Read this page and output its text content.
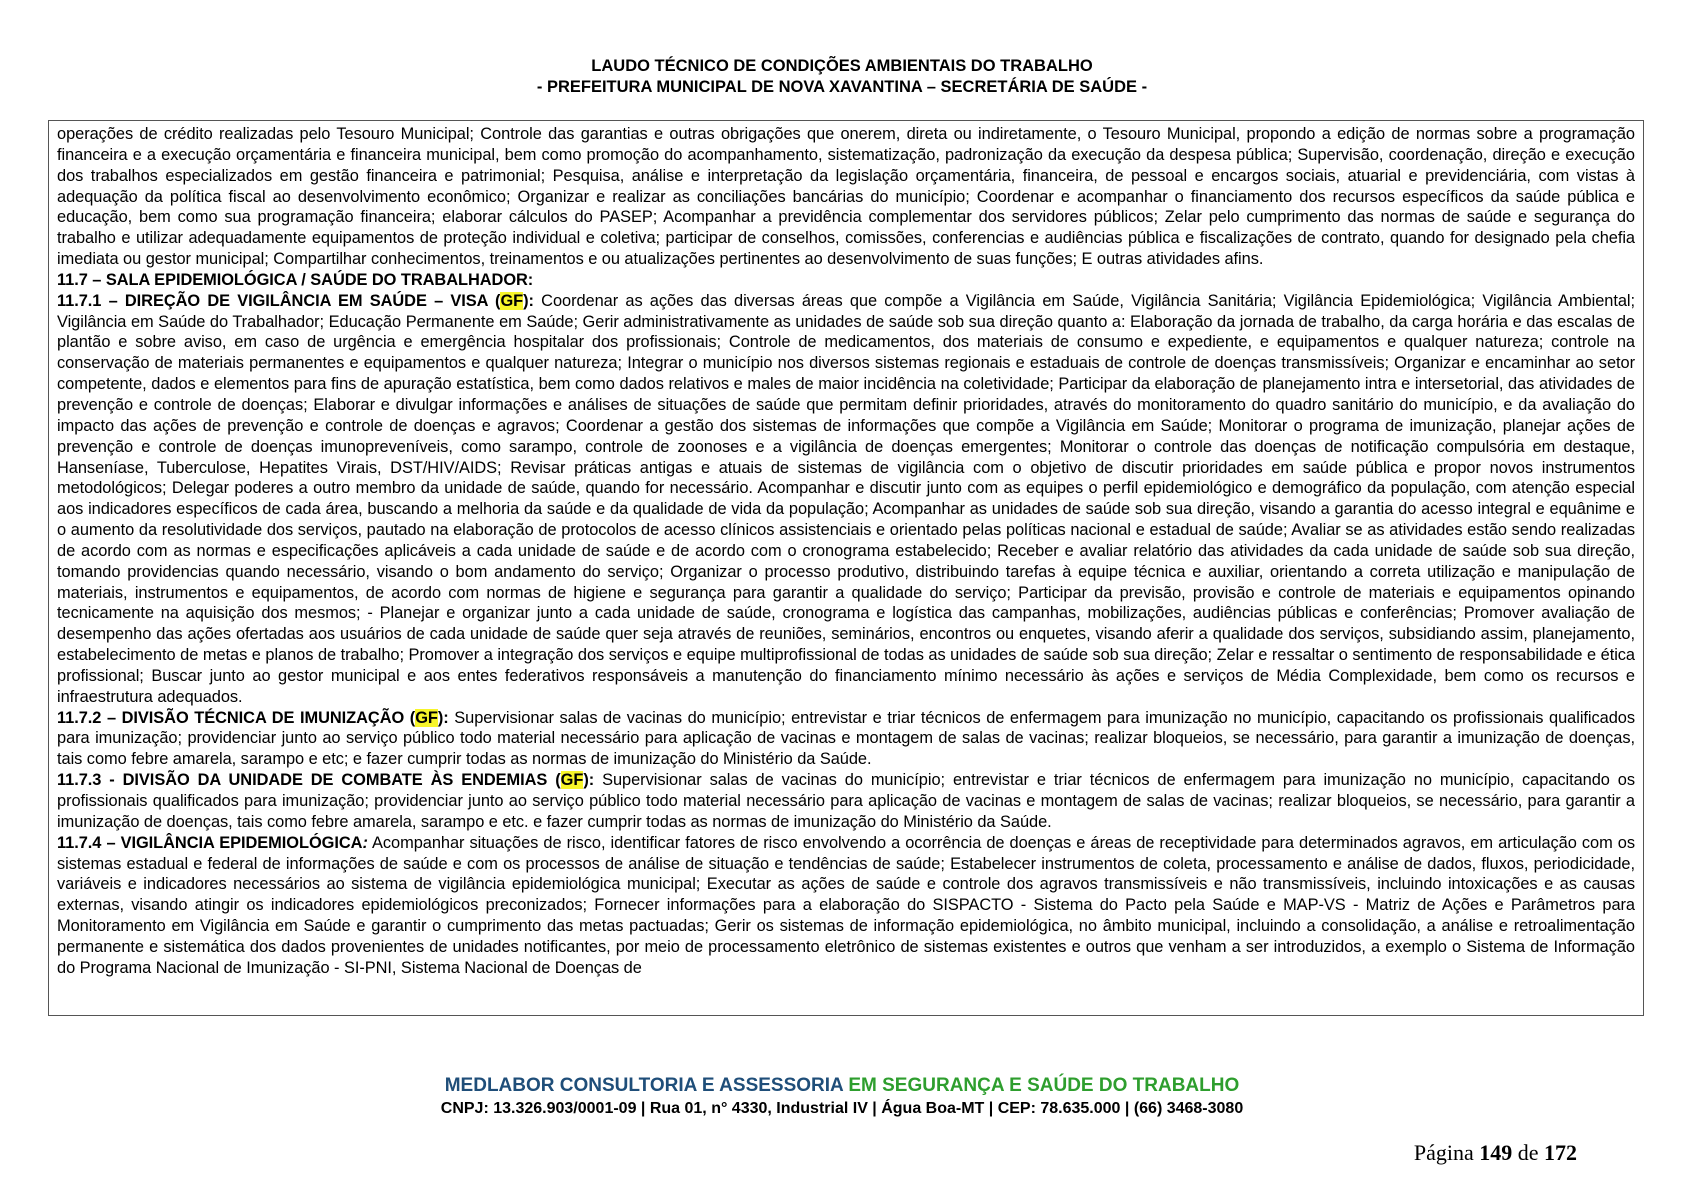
LAUDO TÉCNICO DE CONDIÇÕES AMBIENTAIS DO TRABALHO
- PREFEITURA MUNICIPAL DE NOVA XAVANTINA – SECRETÁRIA DE SAÚDE -

operações de crédito realizadas pelo Tesouro Municipal; Controle das garantias e outras obrigações que onerem, direta ou indiretamente, o Tesouro Municipal, propondo a edição de normas sobre a programação financeira e a execução orçamentária e financeira municipal, bem como promoção do acompanhamento, sistematização, padronização da execução da despesa pública; Supervisão, coordenação, direção e execução dos trabalhos especializados em gestão financeira e patrimonial; Pesquisa, análise e interpretação da legislação orçamentária, financeira, de pessoal e encargos sociais, atuarial e previdenciária, com vistas à adequação da política fiscal ao desenvolvimento econômico; Organizar e realizar as conciliações bancárias do município; Coordenar e acompanhar o financiamento dos recursos específicos da saúde pública e educação, bem como sua programação financeira; elaborar cálculos do PASEP; Acompanhar a previdência complementar dos servidores públicos; Zelar pelo cumprimento das normas de saúde e segurança do trabalho e utilizar adequadamente equipamentos de proteção individual e coletiva; participar de conselhos, comissões, conferencias e audiências pública e fiscalizações de contrato, quando for designado pela chefia imediata ou gestor municipal; Compartilhar conhecimentos, treinamentos e ou atualizações pertinentes ao desenvolvimento de suas funções; E outras atividades afins.

11.7 – SALA EPIDEMIOLÓGICA / SAÚDE DO TRABALHADOR:

11.7.1 – DIREÇÃO DE VIGILÂNCIA EM SAÚDE – VISA (GF): Coordenar as ações das diversas áreas que compõe a Vigilância em Saúde, Vigilância Sanitária; Vigilância Epidemiológica; Vigilância Ambiental; Vigilância em Saúde do Trabalhador; Educação Permanente em Saúde; Gerir administrativamente as unidades de saúde sob sua direção quanto a: Elaboração da jornada de trabalho, da carga horária e das escalas de plantão e sobre aviso, em caso de urgência e emergência hospitalar dos profissionais; Controle de medicamentos, dos materiais de consumo e expediente, e equipamentos e qualquer natureza; controle na conservação de materiais permanentes e equipamentos e qualquer natureza; Integrar o município nos diversos sistemas regionais e estaduais de controle de doenças transmissíveis; Organizar e encaminhar ao setor competente, dados e elementos para fins de apuração estatística, bem como dados relativos e males de maior incidência na coletividade; Participar da elaboração de planejamento intra e intersetorial, das atividades de prevenção e controle de doenças; Elaborar e divulgar informações e análises de situações de saúde que permitam definir prioridades, através do monitoramento do quadro sanitário do município, e da avaliação do impacto das ações de prevenção e controle de doenças e agravos; Coordenar a gestão dos sistemas de informações que compõe a Vigilância em Saúde; Monitorar o programa de imunização, planejar ações de prevenção e controle de doenças imunopreveníveis, como sarampo, controle de zoonoses e a vigilância de doenças emergentes; Monitorar o controle das doenças de notificação compulsória em destaque, Hanseníase, Tuberculose, Hepatites Virais, DST/HIV/AIDS; Revisar práticas antigas e atuais de sistemas de vigilância com o objetivo de discutir prioridades em saúde pública e propor novos instrumentos metodológicos; Delegar poderes a outro membro da unidade de saúde, quando for necessário. Acompanhar e discutir junto com as equipes o perfil epidemiológico e demográfico da população, com atenção especial aos indicadores específicos de cada área, buscando a melhoria da saúde e da qualidade de vida da população; Acompanhar as unidades de saúde sob sua direção, visando a garantia do acesso integral e equânime e o aumento da resolutividade dos serviços, pautado na elaboração de protocolos de acesso clínicos assistenciais e orientado pelas políticas nacional e estadual de saúde; Avaliar se as atividades estão sendo realizadas de acordo com as normas e especificações aplicáveis a cada unidade de saúde e de acordo com o cronograma estabelecido; Receber e avaliar relatório das atividades da cada unidade de saúde sob sua direção, tomando providencias quando necessário, visando o bom andamento do serviço; Organizar o processo produtivo, distribuindo tarefas à equipe técnica e auxiliar, orientando a correta utilização e manipulação de materiais, instrumentos e equipamentos, de acordo com normas de higiene e segurança para garantir a qualidade do serviço; Participar da previsão, provisão e controle de materiais e equipamentos opinando tecnicamente na aquisição dos mesmos; - Planejar e organizar junto a cada unidade de saúde, cronograma e logística das campanhas, mobilizações, audiências públicas e conferências; Promover avaliação de desempenho das ações ofertadas aos usuários de cada unidade de saúde quer seja através de reuniões, seminários, encontros ou enquetes, visando aferir a qualidade dos serviços, subsidiando assim, planejamento, estabelecimento de metas e planos de trabalho; Promover a integração dos serviços e equipe multiprofissional de todas as unidades de saúde sob sua direção; Zelar e ressaltar o sentimento de responsabilidade e ética profissional; Buscar junto ao gestor municipal e aos entes federativos responsáveis a manutenção do financiamento mínimo necessário às ações e serviços de Média Complexidade, bem como os recursos e infraestrutura adequados.

11.7.2 – DIVISÃO TÉCNICA DE IMUNIZAÇÃO (GF): Supervisionar salas de vacinas do município; entrevistar e triar técnicos de enfermagem para imunização no município, capacitando os profissionais qualificados para imunização; providenciar junto ao serviço público todo material necessário para aplicação de vacinas e montagem de salas de vacinas; realizar bloqueios, se necessário, para garantir a imunização de doenças, tais como febre amarela, sarampo e etc; e fazer cumprir todas as normas de imunização do Ministério da Saúde.

11.7.3 - DIVISÃO DA UNIDADE DE COMBATE ÀS ENDEMIAS (GF): Supervisionar salas de vacinas do município; entrevistar e triar técnicos de enfermagem para imunização no município, capacitando os profissionais qualificados para imunização; providenciar junto ao serviço público todo material necessário para aplicação de vacinas e montagem de salas de vacinas; realizar bloqueios, se necessário, para garantir a imunização de doenças, tais como febre amarela, sarampo e etc. e fazer cumprir todas as normas de imunização do Ministério da Saúde.

11.7.4 – VIGILÂNCIA EPIDEMIOLÓGICA: Acompanhar situações de risco, identificar fatores de risco envolvendo a ocorrência de doenças e áreas de receptividade para determinados agravos, em articulação com os sistemas estadual e federal de informações de saúde e com os processos de análise de situação e tendências de saúde; Estabelecer instrumentos de coleta, processamento e análise de dados, fluxos, periodicidade, variáveis e indicadores necessários ao sistema de vigilância epidemiológica municipal; Executar as ações de saúde e controle dos agravos transmissíveis e não transmissíveis, incluindo intoxicações e as causas externas, visando atingir os indicadores epidemiológicos preconizados; Fornecer informações para a elaboração do SISPACTO - Sistema do Pacto pela Saúde e MAP-VS - Matriz de Ações e Parâmetros para Monitoramento em Vigilância em Saúde e garantir o cumprimento das metas pactuadas; Gerir os sistemas de informação epidemiológica, no âmbito municipal, incluindo a consolidação, a análise e retroalimentação permanente e sistemática dos dados provenientes de unidades notificantes, por meio de processamento eletrônico de sistemas existentes e outros que venham a ser introduzidos, a exemplo o Sistema de Informação do Programa Nacional de Imunização - SI-PNI, Sistema Nacional de Doenças de

MEDLABOR CONSULTORIA E ASSESSORIA EM SEGURANÇA E SAÚDE DO TRABALHO
CNPJ: 13.326.903/0001-09 | Rua 01, n° 4330, Industrial IV | Água Boa-MT | CEP: 78.635.000 | (66) 3468-3080
Página 149 de 172
